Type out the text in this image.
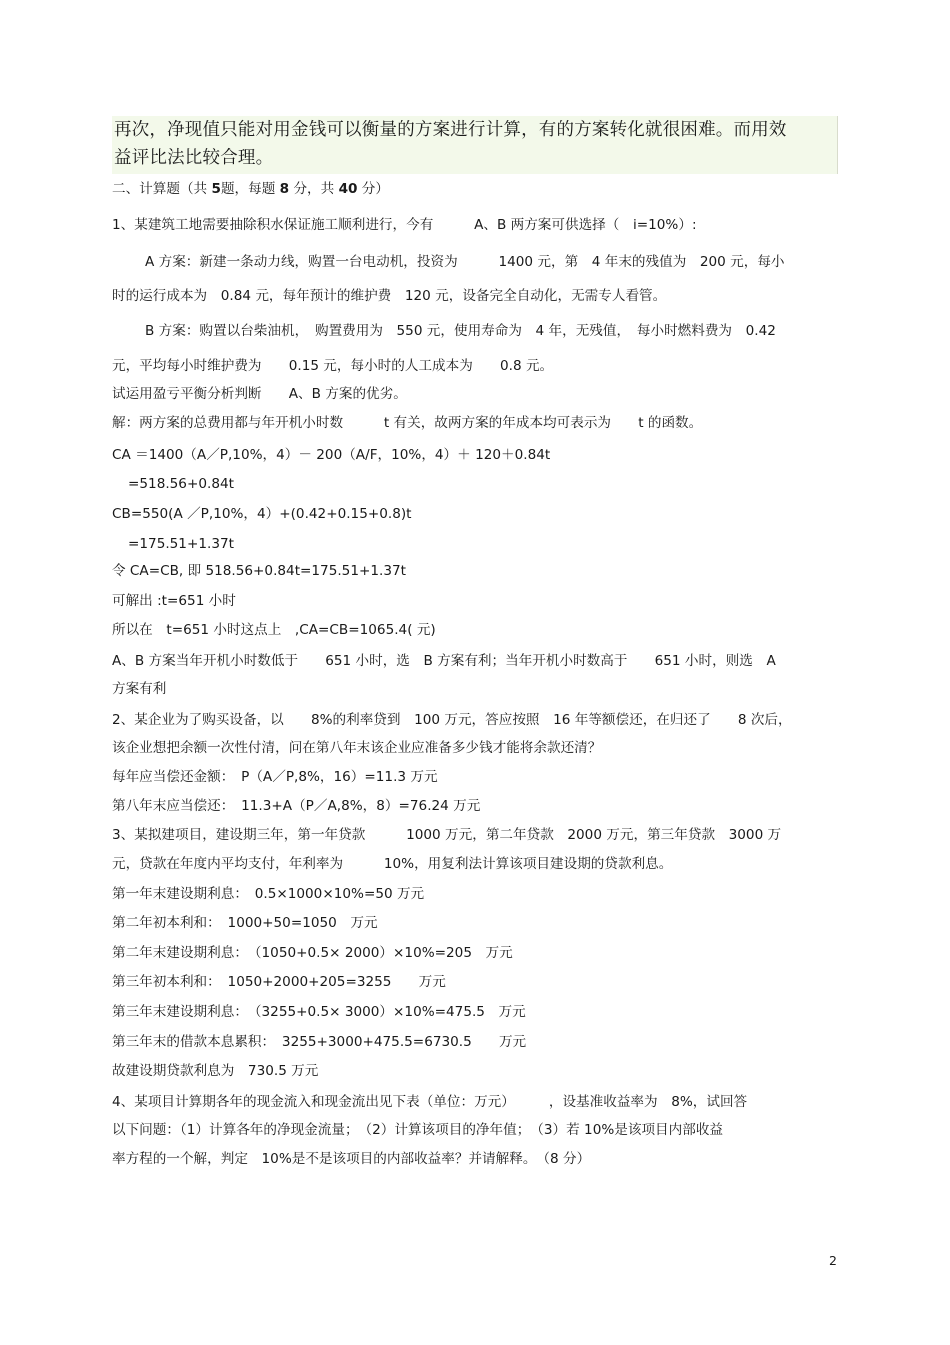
再次，净现值只能对用金钱可以衡量的方案进行计算，有的方案转化就很困难。而用效
益评比法比较合理。
二、计算题（共 5题，每题 8 分，共 40 分）
1、某建筑工地需要抽除积水保证施工顺利进行，今有　　　A、B 两方案可供选择（　i=10%）:
A 方案：新建一条动力线，购置一台电动机，投资为　　　1400 元，第　4 年末的残值为　200 元，每小
时的运行成本为　0.84 元，每年预计的维护费　120 元，设备完全自动化，无需专人看管。
B 方案：购置以台柴油机，　购置费用为　550 元，使用寿命为　4 年，无残值，　每小时燃料费为　0.42
元，平均每小时维护费为　　0.15 元，每小时的人工成本为　　0.8 元。
试运用盈亏平衡分析判断　　A、B 方案的优劣。
解：两方案的总费用都与年开机小时数　　　t 有关，故两方案的年成本均可表示为　　t 的函数。
CA ＝1400（A／P,10%，4）－ 200（A/F，10%，4）＋ 120＋0.84t
=518.56+0.84t
CB=550(A ／P,10%，4）+(0.42+0.15+0.8)t
=175.51+1.37t
令 CA=CB, 即 518.56+0.84t=175.51+1.37t
可解出 :t=651 小时
所以在　t=651 小时这点上　,CA=CB=1065.4( 元)
A、B 方案当年开机小时数低于　　651 小时，选　B 方案有利；当年开机小时数高于　　651 小时，则选　A
方案有利
2、某企业为了购买设备，以　　8%的利率贷到　100 万元，答应按照　16 年等额偿还，在归还了　　8 次后，
该企业想把余额一次性付清，问在第八年末该企业应准备多少钱才能将余款还清？
每年应当偿还金额：　P（A／P,8%，16）=11.3 万元
第八年末应当偿还：　11.3+A（P／A,8%，8）=76.24 万元
3、某拟建项目，建设期三年，第一年贷款　　　1000 万元，第二年贷款　2000 万元，第三年贷款　3000 万
元，贷款在年度内平均支付，年利率为　　　10%，用复利法计算该项目建设期的贷款利息。
第一年末建设期利息：　0.5×1000×10%=50 万元
第二年初本利和：　1000+50=1050　万元
第二年末建设期利息：　（1050+0.5× 2000）×10%=205　万元
第三年初本利和：　1050+2000+205=3255　　万元
第三年末建设期利息：　（3255+0.5× 3000）×10%=475.5　万元
第三年末的借款本息累积：　3255+3000+475.5=6730.5　　万元
故建设期贷款利息为　730.5 万元
4、某项目计算期各年的现金流入和现金流出见下表（单位：万元）　　　，设基准收益率为　8%，试回答
以下问题：（1）计算各年的净现金流量；　（2）计算该项目的净年值；　（3）若 10%是该项目内部收益
率方程的一个解，判定　10%是不是该项目的内部收益率？并请解释。　（8 分）
2
